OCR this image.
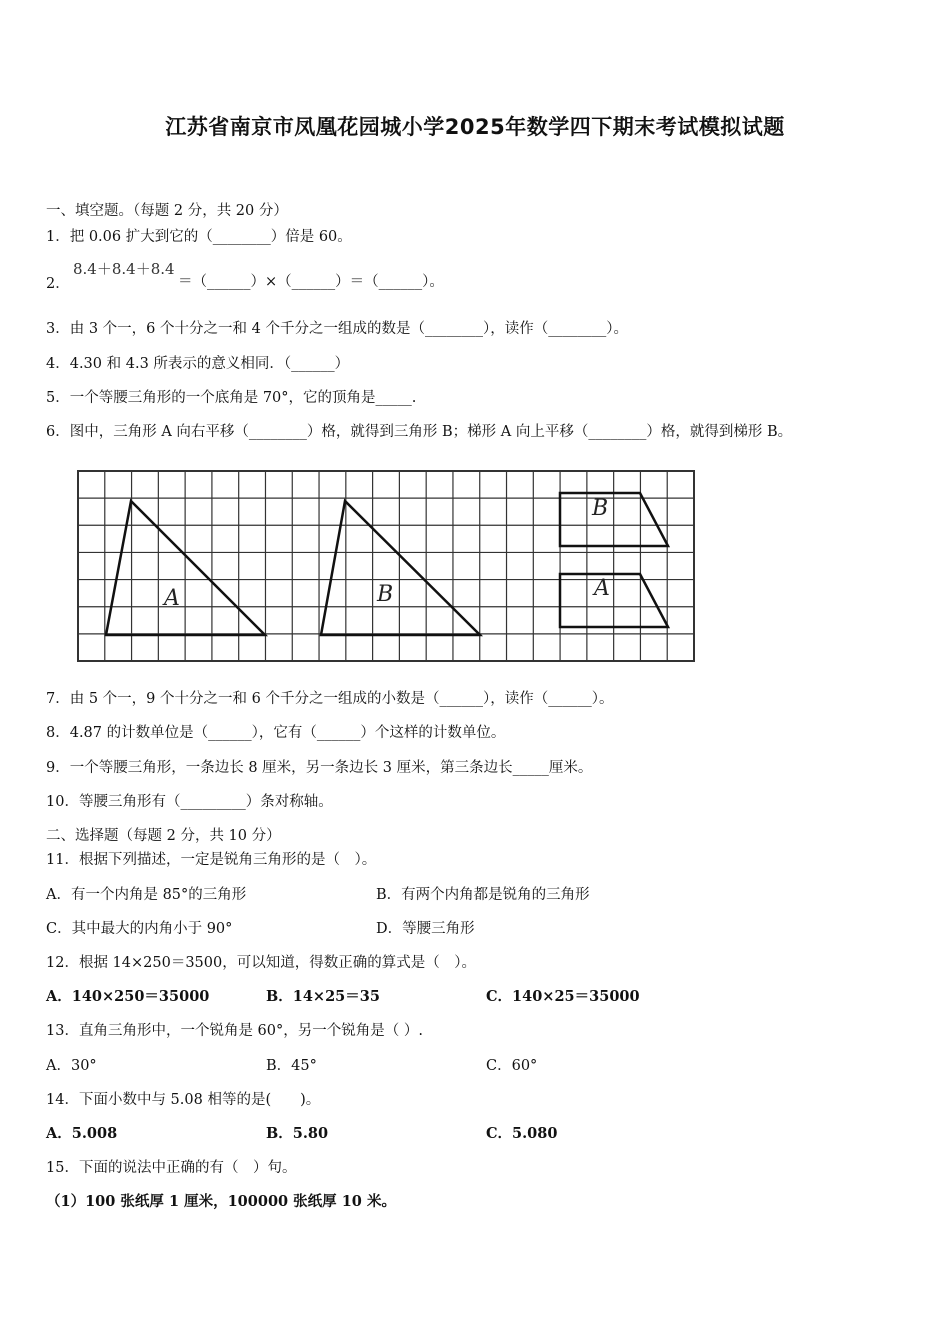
江苏省南京市凤凰花园城小学2025年数学四下期末考试模拟试题
一、填空题。（每题 2 分，共 20 分）
1．把 0.06 扩大到它的（________）倍是 60。
8.4＋8.4＋8.4
2．	＝（______）×（______）＝（______）。
3．由 3 个一，6 个十分之一和 4 个千分之一组成的数是（________），读作（________）。
4．4.30 和 4.3 所表示的意义相同．（______）
5．一个等腰三角形的一个底角是 70°，它的顶角是_____.
6．图中，三角形 A 向右平移（________）格，就得到三角形 B；梯形 A 向上平移（________）格，就得到梯形 B。
A	B
B
A
7．由 5 个一，9 个十分之一和 6 个千分之一组成的小数是（______），读作（______）。
8．4.87 的计数单位是（______），它有（______）个这样的计数单位。
9．一个等腰三角形，一条边长 8 厘米，另一条边长 3 厘米，第三条边长_____厘米。
10．等腰三角形有（_________）条对称轴。
二、选择题（每题 2 分，共 10 分）
11．根据下列描述，一定是锐角三角形的是（　）。
A．有一个内角是 85°的三角形	B．有两个内角都是锐角的三角形
C．其中最大的内角小于 90°	D．等腰三角形
12．根据 14×250＝3500，可以知道，得数正确的算式是（　）。
A．140×250＝35000	B．14×25＝35	C．140×25＝35000
13．直角三角形中，一个锐角是 60°，另一个锐角是（ ）.
A．30°	B．45°	C．60°
14．下面小数中与 5.08 相等的是(　　)。
A．5.008	B．5.80	C．5.080
15．下面的说法中正确的有（　）句。
（1）100 张纸厚 1 厘米，100000 张纸厚 10 米。
